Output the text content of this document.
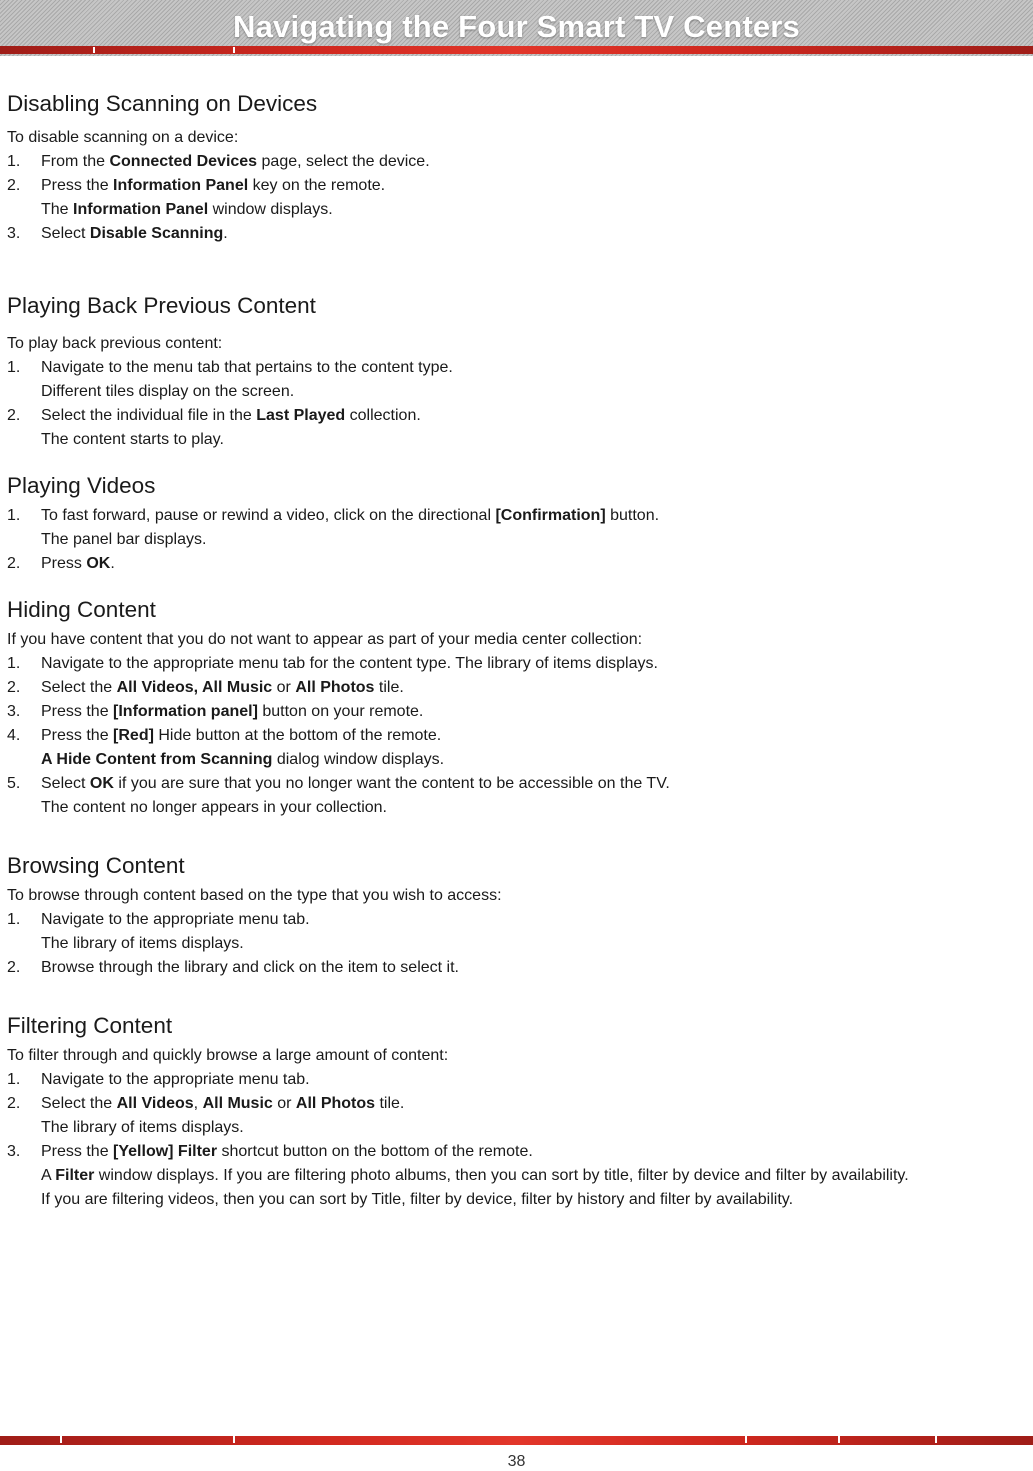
Navigating the Four Smart TV Centers
Disabling Scanning on Devices

To disable scanning on a device:

1.	From the Connected Devices page, select the device.
2.	Press the Information Panel key on the remote.
The Information Panel window displays.
3.	Select Disable Scanning.
Playing Back Previous Content

To play back previous content:

1.	Navigate to the menu tab that pertains to the content type.
Different tiles display on the screen.
2.	Select the individual file in the Last Played collection.
The content starts to play.
Playing Videos
1.	To fast forward, pause or rewind a video, click on the directional [Confirmation] button.
The panel bar displays.
2.	Press OK.
Hiding Content

If you have content that you do not want to appear as part of your media center collection:

1.	Navigate to the appropriate menu tab for the content type. The library of items displays.
2.	Select the All Videos, All Music or All Photos tile.
3.	Press the [Information panel] button on your remote.
4.	Press the [Red] Hide button at the bottom of the remote.
A Hide Content from Scanning dialog window displays.
5.	Select OK if you are sure that you no longer want the content to be accessible on the TV.
The content no longer appears in your collection.
Browsing Content

To browse through content based on the type that you wish to access:

1.	Navigate to the appropriate menu tab.
The library of items displays.
2.	Browse through the library and click on the item to select it.
Filtering Content

To filter through and quickly browse a large amount of content:

1.	Navigate to the appropriate menu tab.
2.	Select the All Videos, All Music or All Photos tile.
The library of items displays.
3.	Press the [Yellow] Filter shortcut button on the bottom of the remote.
A Filter window displays. If you are filtering photo albums, then you can sort by title, filter by device and filter by availability.
If you are filtering videos, then you can sort by Title, filter by device, filter by history and filter by availability.
38
